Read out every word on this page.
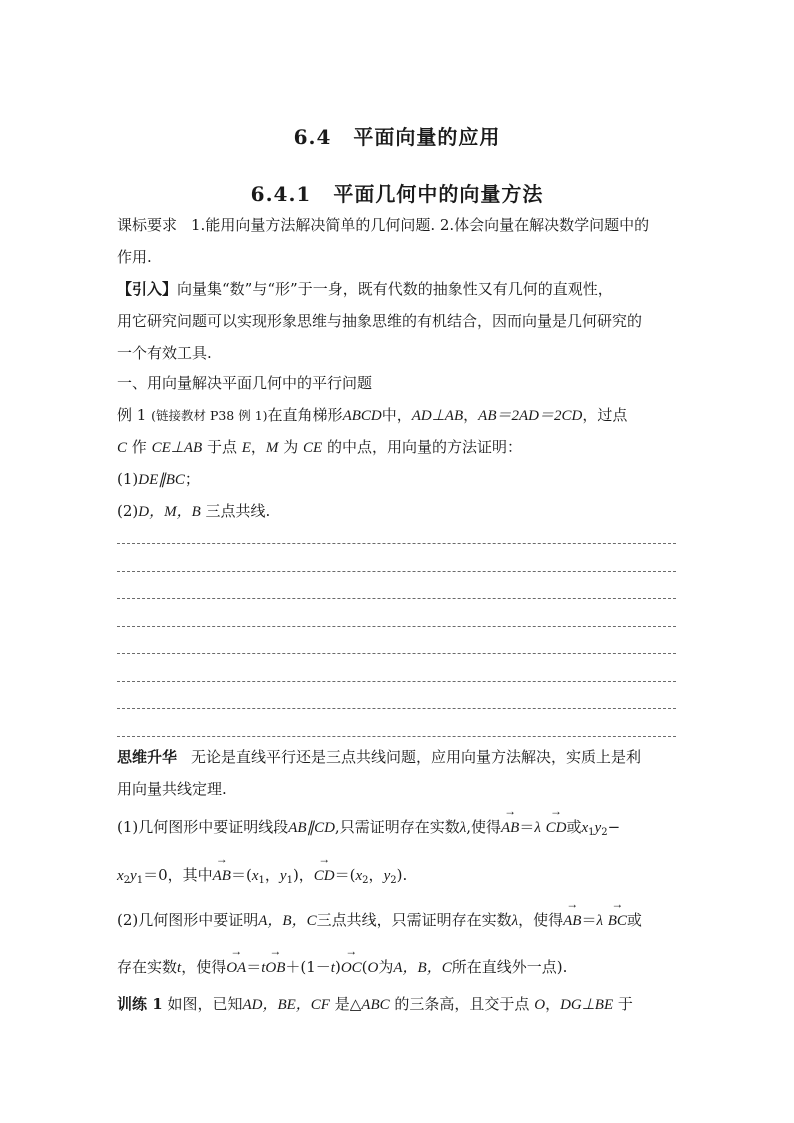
6.4 平面向量的应用
6.4.1 平面几何中的向量方法
课标要求 1.能用向量方法解决简单的几何问题. 2.体会向量在解决数学问题中的
作用.
【引入】向量集“数”与“形”于一身，既有代数的抽象性又有几何的直观性，
用它研究问题可以实现形象思维与抽象思维的有机结合，因而向量是几何研究的
一个有效工具.
一、用向量解决平面几何中的平行问题
例 1 (链接教材 P38 例 1)在直角梯形ABCD中，AD⊥AB，AB＝2AD＝2CD，过点
C 作 CE⊥AB 于点 E，M 为 CE 的中点，用向量的方法证明：
(1)DE∥BC；
(2)D，M，B 三点共线.
思维升华 无论是直线平行还是三点共线问题，应用向量方法解决，实质上是利
用向量共线定理.
(1)几何图形中要证明线段AB∥CD,只需证明存在实数λ,使得→ AB＝λ → CD或$x_1y_2-$
$x_2y_1=0$，其中→ $AB=(x_1$，$y_1$)，→ $CD=(x_2$，$y_2$).
(2)几何图形中要证明A，B，C三点共线，只需证明存在实数λ，使得→ AB＝λ → BC或
存在实数t，使得→ OA＝t→ OB＋(1－t)→ OC(O为A，B，C所在直线外一点).
训练 1 如图，已知AD，BE，CF 是△ABC 的三条高，且交于点 O，DG⊥BE 于
